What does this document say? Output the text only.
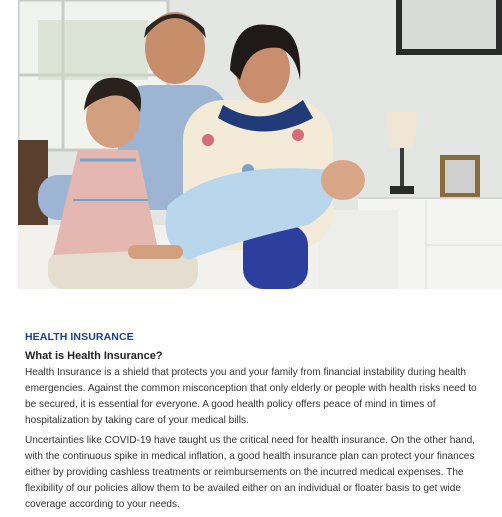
HEALTH INSURANCE

What is Health Insurance?

Health Insurance is a shield that protects you and your family from financial instability during health
emergencies. Against the common misconception that only elderly or people with health risks need to
be secured, it is essential for everyone. A good health policy offers peace of mind in times of
hospitalization by taking care of your medical bills.

Uncertainties like COVID-19 have taught us the critical need for health insurance. On the other hand,
with the continuous spike in medical inflation, a good health insurance plan can protect your finances
either by providing cashless treatments or reimbursements on the incurred medical expenses. The
flexibility of our policies allow them to be availed either on an individual or floater basis to get wide
coverage according to your needs.
